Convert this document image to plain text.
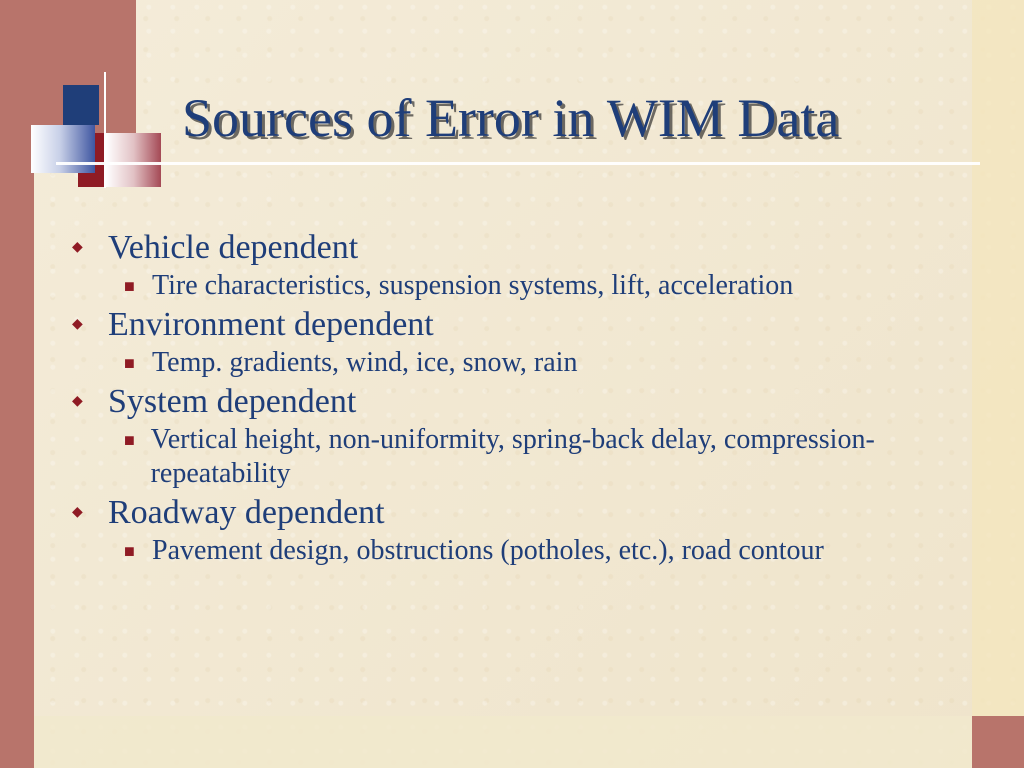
Sources of Error in WIM Data
◆ Vehicle dependent
■ Tire characteristics, suspension systems, lift, acceleration
◆ Environment dependent
■ Temp. gradients, wind, ice, snow, rain
◆ System dependent
■ Vertical height, non-uniformity, spring-back delay, compression-repeatability
◆ Roadway dependent
■ Pavement design, obstructions (potholes, etc.), road contour
